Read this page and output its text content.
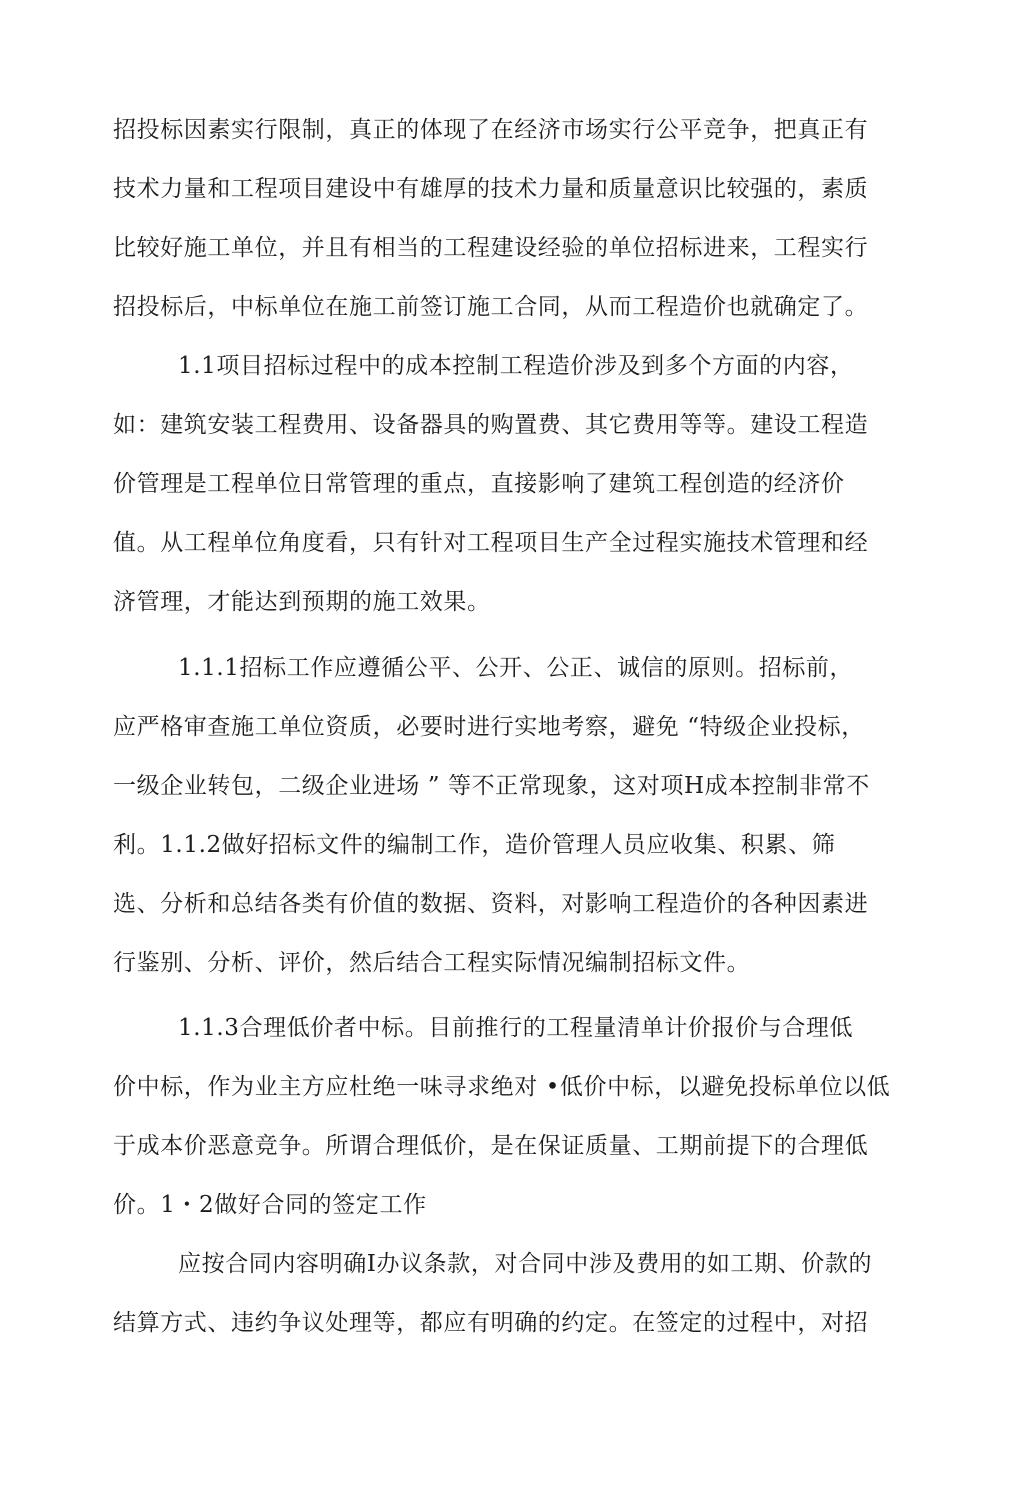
招投标因素实行限制，真正的体现了在经济市场实行公平竞争，把真正有
技术力量和工程项目建设中有雄厚的技术力量和质量意识比较强的，素质
比较好施工单位，并且有相当的工程建设经验的单位招标进来，工程实行
招投标后，中标单位在施工前签订施工合同，从而工程造价也就确定了。
1.1项目招标过程中的成本控制工程造价涉及到多个方面的内容，
如：建筑安装工程费用、设备器具的购置费、其它费用等等。建设工程造
价管理是工程单位日常管理的重点，直接影响了建筑工程创造的经济价
值。从工程单位角度看，只有针对工程项目生产全过程实施技术管理和经
济管理，才能达到预期的施工效果。
1.1.1招标工作应遵循公平、公开、公正、诚信的原则。招标前，
应严格审查施工单位资质，必要时进行实地考察，避免 “特级企业投标，
一级企业转包，二级企业进场 ” 等不正常现象，这对项H成本控制非常不
利。1.1.2做好招标文件的编制工作，造价管理人员应收集、积累、筛
选、分析和总结各类有价值的数据、资料，对影响工程造价的各种因素进
行鉴别、分析、评价，然后结合工程实际情况编制招标文件。
1.1.3合理低价者中标。目前推行的工程量清单计价报价与合理低
价中标，作为业主方应杜绝一味寻求绝对 •低价中标，以避免投标单位以低
于成本价恶意竞争。所谓合理低价，是在保证质量、工期前提下的合理低
价。1・2做好合同的签定工作
应按合同内容明确I办议条款，对合同中涉及费用的如工期、价款的
结算方式、违约争议处理等，都应有明确的约定。在签定的过程中，对招
